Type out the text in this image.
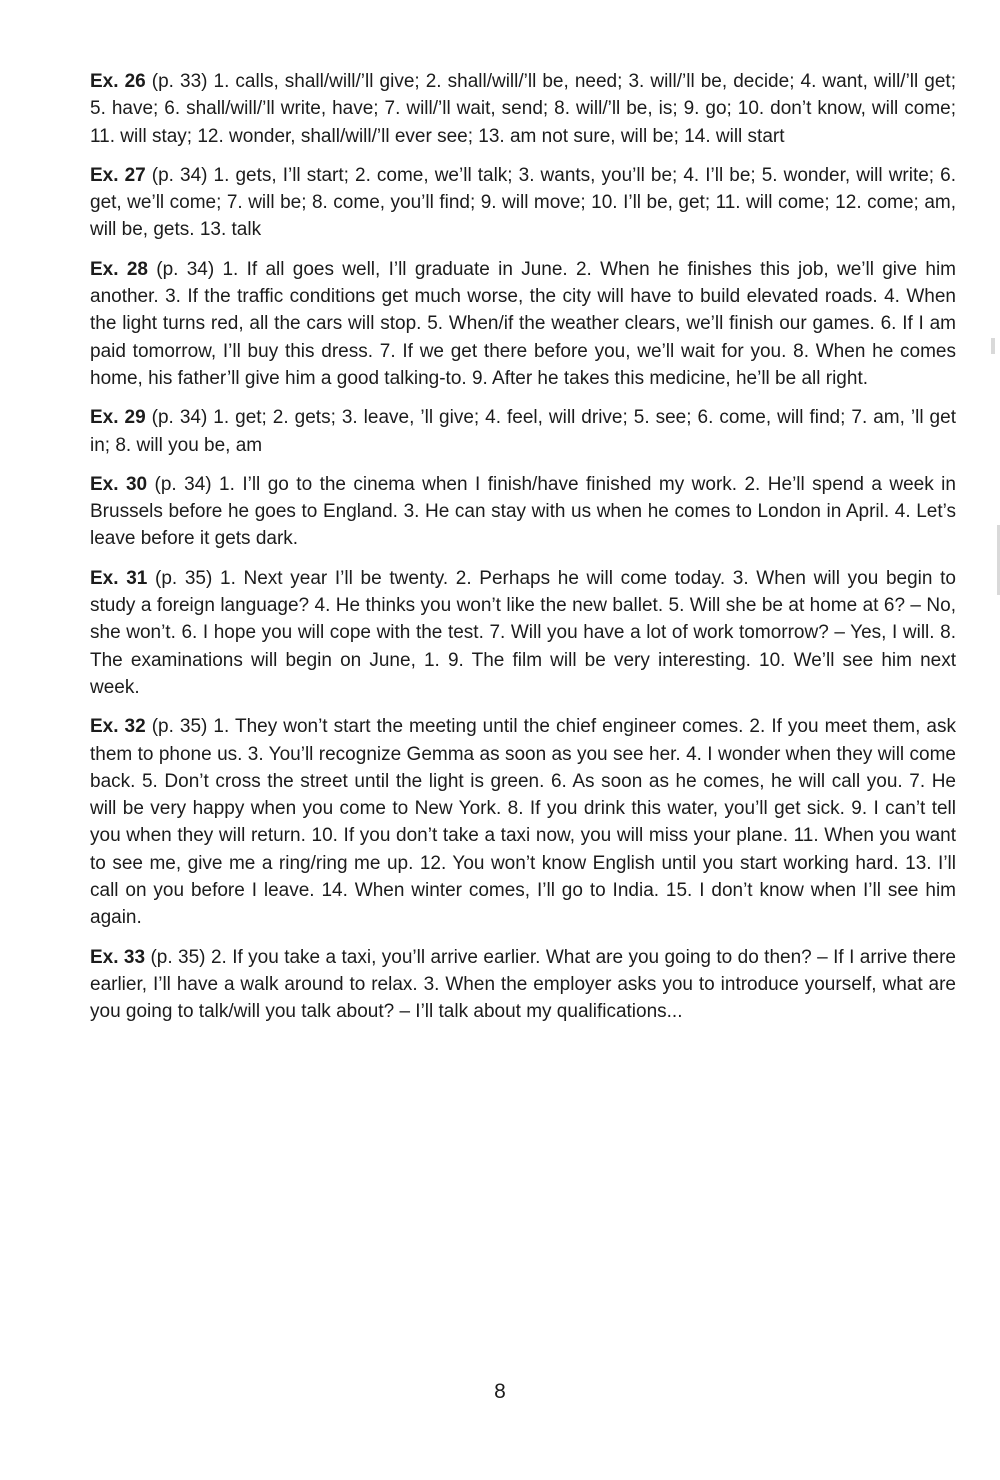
Ex. 26 (p. 33) 1. calls, shall/will/’ll give; 2. shall/will/’ll be, need; 3. will/’ll be, decide; 4. want, will/’ll get; 5. have; 6. shall/will/’ll write, have; 7. will/’ll wait, send; 8. will/’ll be, is; 9. go; 10. don’t know, will come; 11. will stay; 12. wonder, shall/will/’ll ever see; 13. am not sure, will be; 14. will start

Ex. 27 (p. 34) 1. gets, I’ll start; 2. come, we’ll talk; 3. wants, you’ll be; 4. I’ll be; 5. wonder, will write; 6. get, we’ll come; 7. will be; 8. come, you’ll find; 9. will move; 10. I’ll be, get; 11. will come; 12. come; am, will be, gets. 13. talk

Ex. 28 (p. 34) 1. If all goes well, I’ll graduate in June. 2. When he finishes this job, we’ll give him another. 3. If the traffic conditions get much worse, the city will have to build elevated roads. 4. When the light turns red, all the cars will stop. 5. When/if the weather clears, we’ll finish our games. 6. If I am paid tomorrow, I’ll buy this dress. 7. If we get there before you, we’ll wait for you. 8. When he comes home, his father’ll give him a good talking-to. 9. After he takes this medicine, he’ll be all right.

Ex. 29 (p. 34) 1. get; 2. gets; 3. leave, ’ll give; 4. feel, will drive; 5. see; 6. come, will find; 7. am, ’ll get in; 8. will you be, am

Ex. 30 (p. 34) 1. I’ll go to the cinema when I finish/have finished my work. 2. He’ll spend a week in Brussels before he goes to England. 3. He can stay with us when he comes to London in April. 4. Let’s leave before it gets dark.

Ex. 31 (p. 35) 1. Next year I’ll be twenty. 2. Perhaps he will come today. 3. When will you begin to study a foreign language? 4. He thinks you won’t like the new ballet. 5. Will she be at home at 6? – No, she won’t. 6. I hope you will cope with the test. 7. Will you have a lot of work tomorrow? – Yes, I will. 8. The examinations will begin on June, 1. 9. The film will be very interesting. 10. We’ll see him next week.

Ex. 32 (p. 35) 1. They won’t start the meeting until the chief engineer comes. 2. If you meet them, ask them to phone us. 3. You’ll recognize Gemma as soon as you see her. 4. I wonder when they will come back. 5. Don’t cross the street until the light is green. 6. As soon as he comes, he will call you. 7. He will be very happy when you come to New York. 8. If you drink this water, you’ll get sick. 9. I can’t tell you when they will return. 10. If you don’t take a taxi now, you will miss your plane. 11. When you want to see me, give me a ring/ring me up. 12. You won’t know English until you start working hard. 13. I’ll call on you before I leave. 14. When winter comes, I’ll go to India. 15. I don’t know when I’ll see him again.

Ex. 33 (p. 35) 2. If you take a taxi, you’ll arrive earlier. What are you going to do then? – If I arrive there earlier, I’ll have a walk around to relax. 3. When the employer asks you to introduce yourself, what are you going to talk/will you talk about? – I’ll talk about my qualifications...

8
